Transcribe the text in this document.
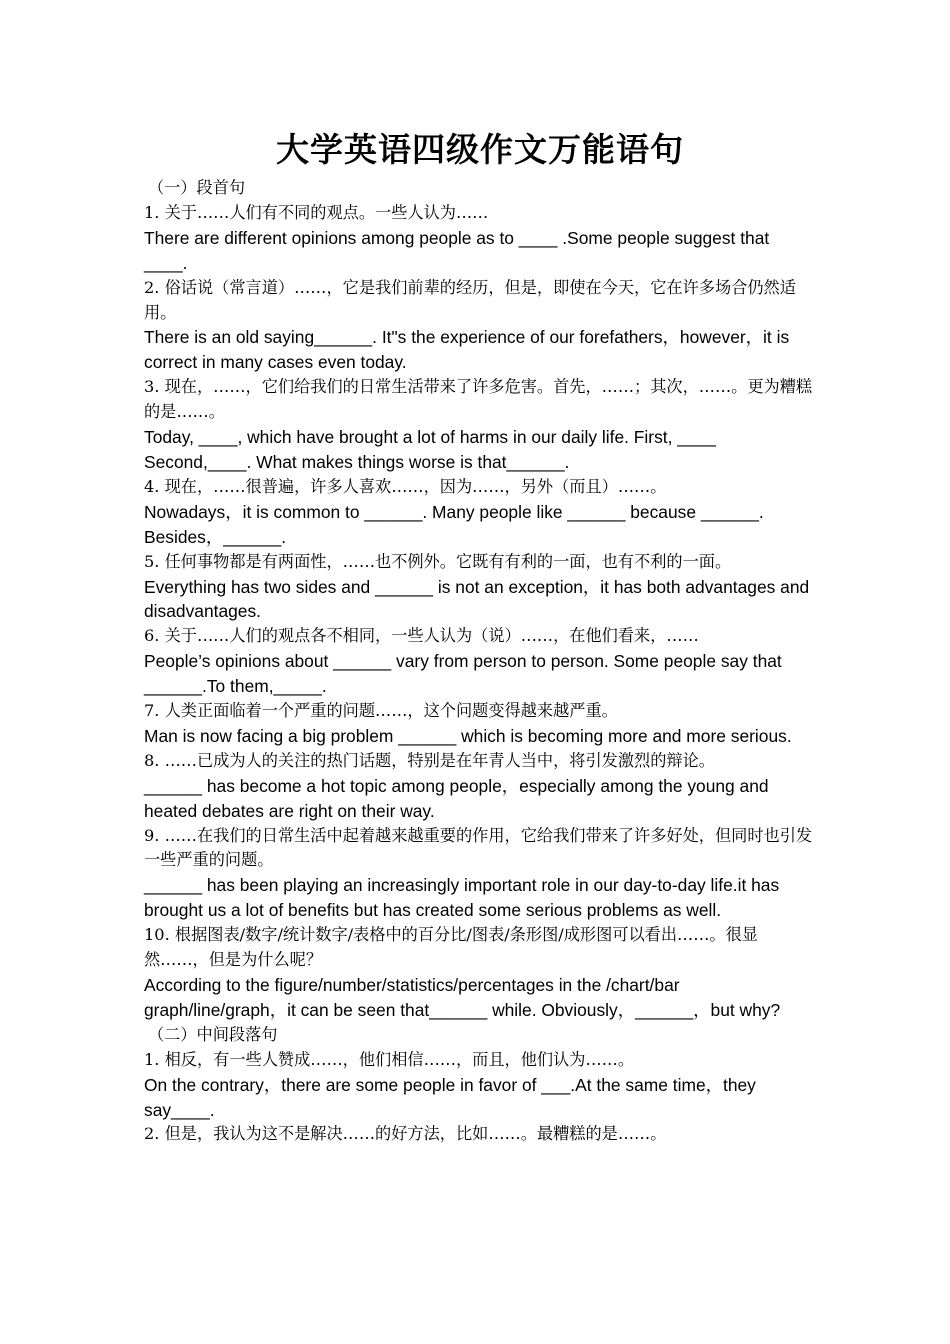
大学英语四级作文万能语句
（一）段首句
1. 关于……人们有不同的观点。一些人认为……
There are different opinions among people as to ____ .Some people suggest that ____.
2. 俗话说（常言道）……，它是我们前辈的经历，但是，即使在今天，它在许多场合仍然适用。
There is an old saying______. It"s the experience of our forefathers，however，it is correct in many cases even today.
3. 现在，……，它们给我们的日常生活带来了许多危害。首先，……；其次，……。更为糟糕的是……。
Today, ____, which have brought a lot of harms in our daily life. First, ____ Second,____. What makes things worse is that______.
4. 现在，……很普遍，许多人喜欢……，因为……，另外（而且）……。
Nowadays，it is common to ______. Many people like ______ because ______. Besides，______.
5. 任何事物都是有两面性，……也不例外。它既有有利的一面，也有不利的一面。
Everything has two sides and ______ is not an exception，it has both advantages and disadvantages.
6. 关于……人们的观点各不相同，一些人认为（说）……，在他们看来，……
People’s opinions about ______ vary from person to person. Some people say that ______.To them,_____.
7. 人类正面临着一个严重的问题……，这个问题变得越来越严重。
Man is now facing a big problem ______ which is becoming more and more serious.
8. ……已成为人的关注的热门话题，特别是在年青人当中，将引发激烈的辩论。
______ has become a hot topic among people，especially among the young and heated debates are right on their way.
9. ……在我们的日常生活中起着越来越重要的作用，它给我们带来了许多好处，但同时也引发一些严重的问题。
______ has been playing an increasingly important role in our day-to-day life.it has brought us a lot of benefits but has created some serious problems as well.
10. 根据图表/数字/统计数字/表格中的百分比/图表/条形图/成形图可以看出……。很显然……，但是为什么呢？
According to the figure/number/statistics/percentages in the /chart/bar graph/line/graph，it can be seen that______ while. Obviously，______，but why?
（二）中间段落句
1. 相反，有一些人赞成……，他们相信……，而且，他们认为……。
On the contrary，there are some people in favor of ___.At the same time，they say____.
2. 但是，我认为这不是解决……的好方法，比如……。最糟糕的是……。
